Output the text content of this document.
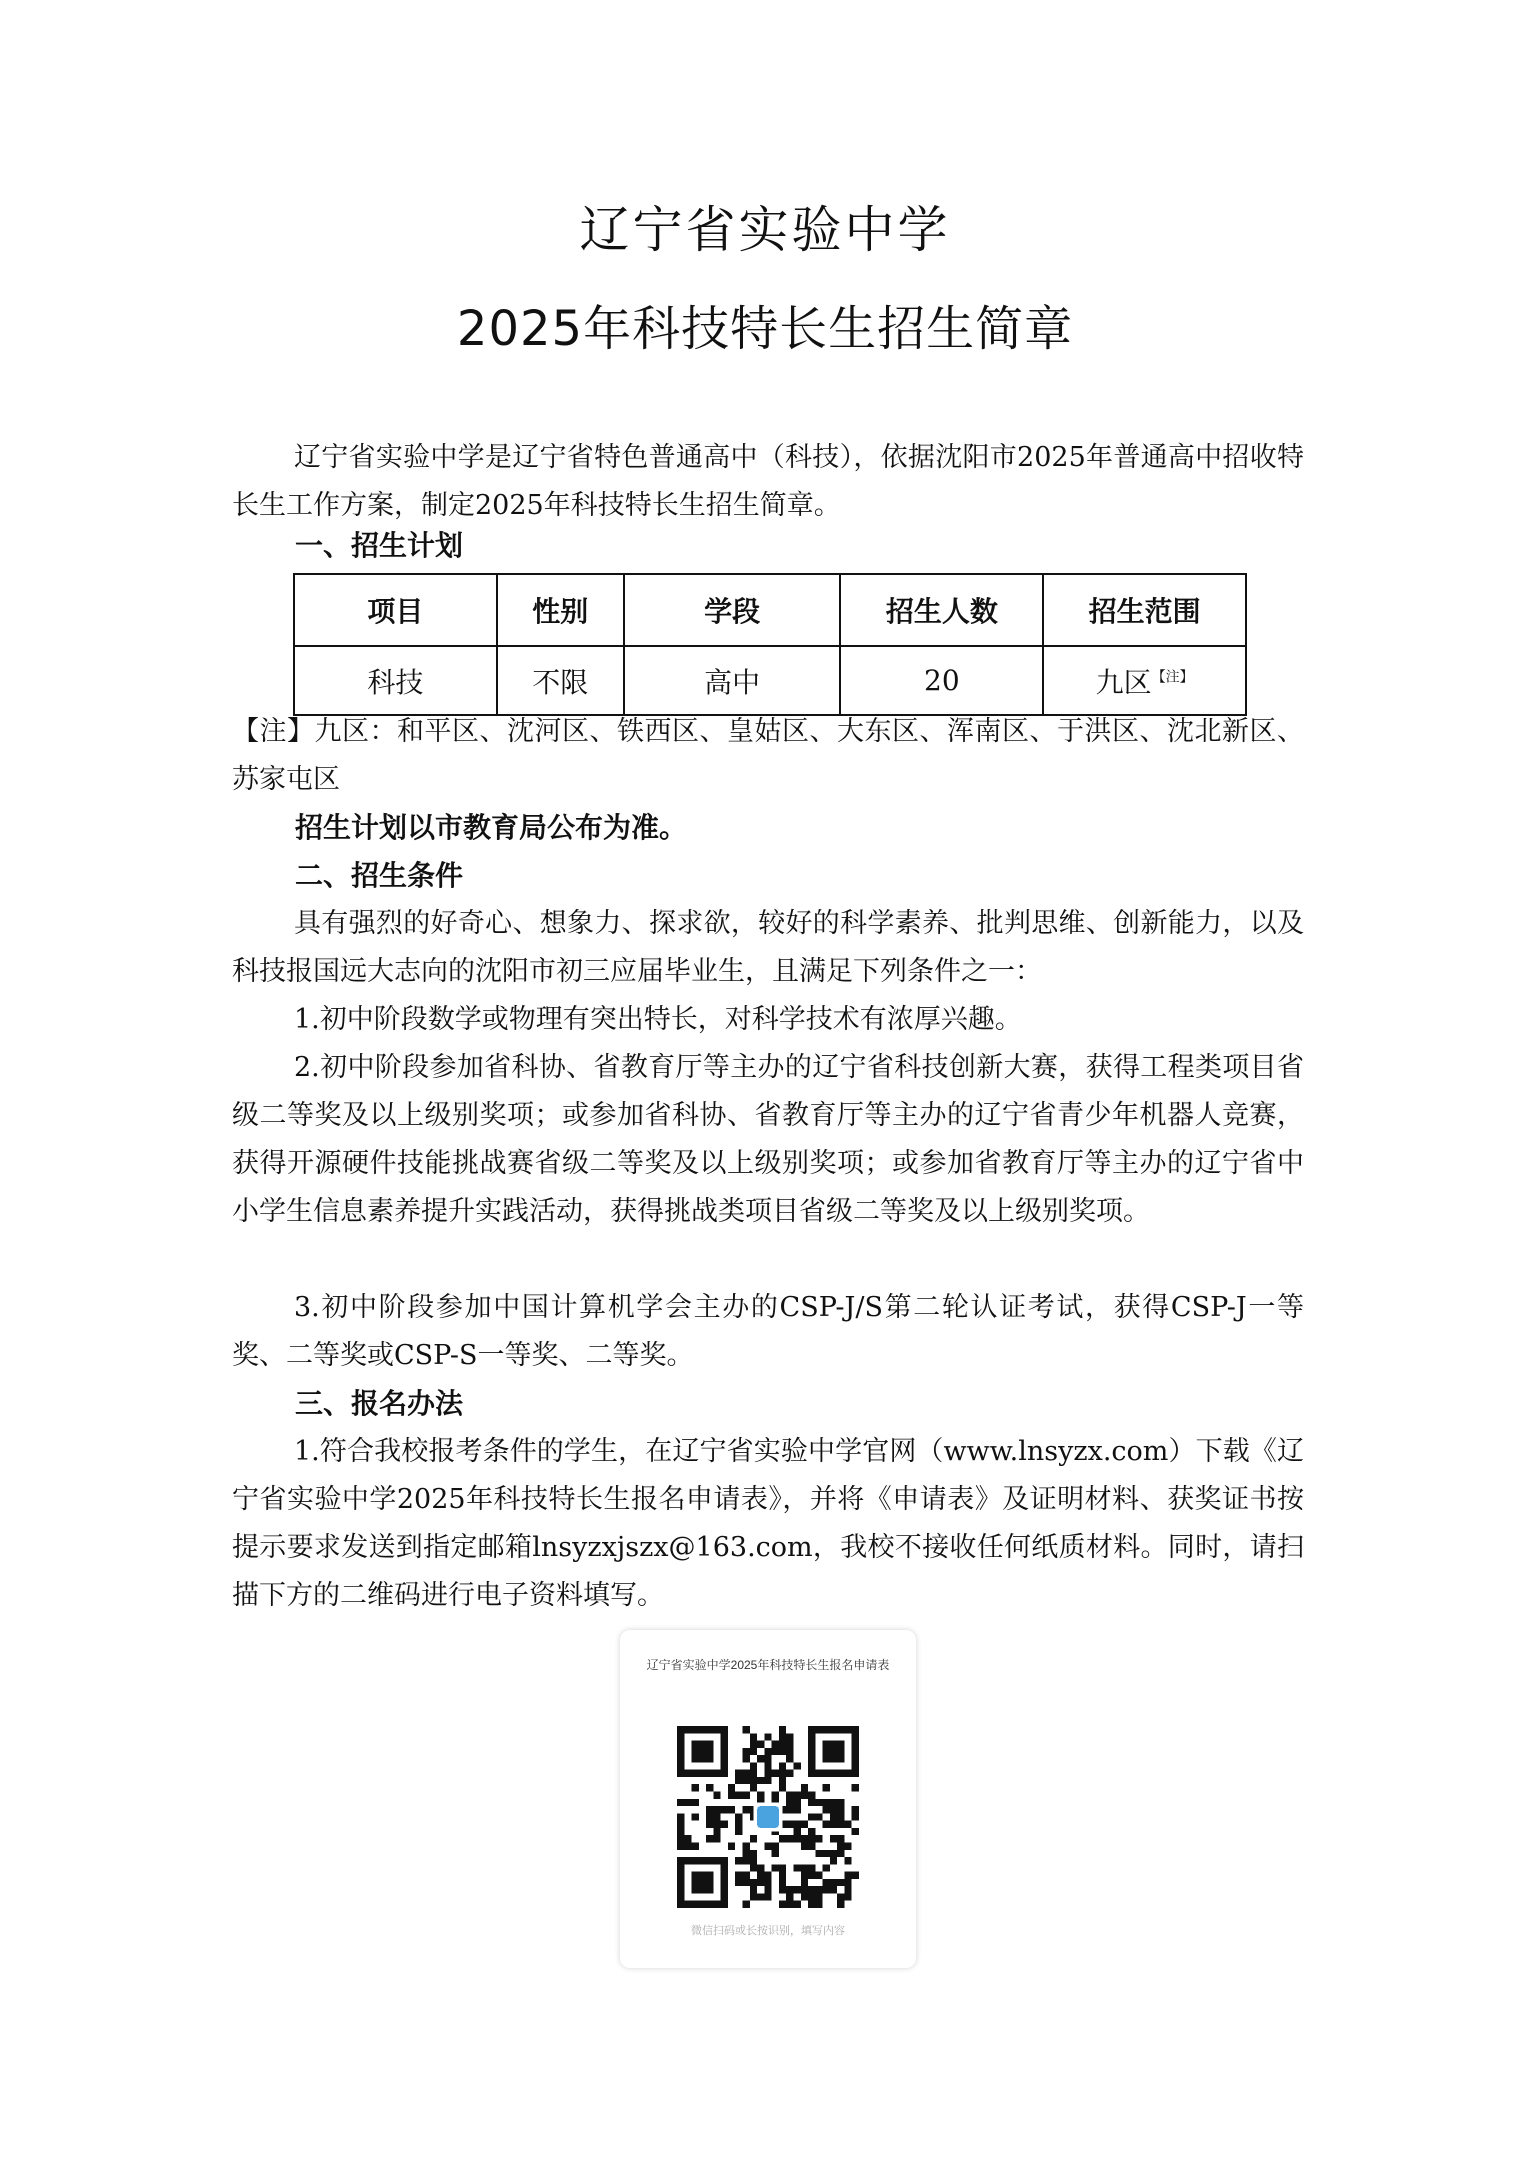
辽宁省实验中学
2025年科技特长生招生简章

辽宁省实验中学是辽宁省特色普通高中（科技），依据沈阳市2025年普通高中招收特长生工作方案，制定2025年科技特长生招生简章。

一、招生计划

项目	性别	学段	招生人数	招生范围
科技	不限	高中	20	九区$^{【注】}$

【注】九区：和平区、沈河区、铁西区、皇姑区、大东区、浑南区、于洪区、沈北新区、苏家屯区

招生计划以市教育局公布为准。

二、招生条件

具有强烈的好奇心、想象力、探求欲，较好的科学素养、批判思维、创新能力，以及科技报国远大志向的沈阳市初三应届毕业生，且满足下列条件之一：

1.初中阶段数学或物理有突出特长，对科学技术有浓厚兴趣。

2.初中阶段参加省科协、省教育厅等主办的辽宁省科技创新大赛，获得工程类项目省级二等奖及以上级别奖项；或参加省科协、省教育厅等主办的辽宁省青少年机器人竞赛，获得开源硬件技能挑战赛省级二等奖及以上级别奖项；或参加省教育厅等主办的辽宁省中小学生信息素养提升实践活动，获得挑战类项目省级二等奖及以上级别奖项。

3.初中阶段参加中国计算机学会主办的CSP-J/S第二轮认证考试，获得CSP-J一等奖、二等奖或CSP-S一等奖、二等奖。

三、报名办法

1.符合我校报考条件的学生，在辽宁省实验中学官网（www.lnsyzx.com）下载《辽宁省实验中学2025年科技特长生报名申请表》，并将《申请表》及证明材料、获奖证书按提示要求发送到指定邮箱lnsyzxjszx@163.com，我校不接收任何纸质材料。同时，请扫描下方的二维码进行电子资料填写。

辽宁省实验中学2025年科技特长生报名申请表
微信扫码或长按识别，填写内容
